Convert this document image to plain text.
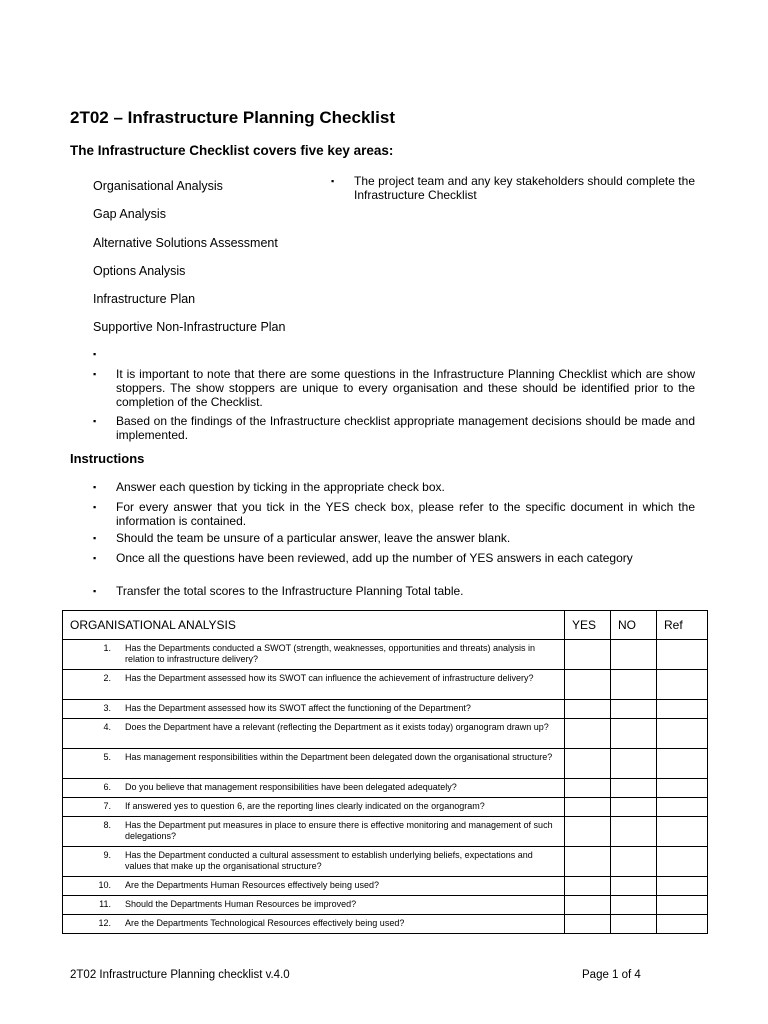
2T02 – Infrastructure Planning Checklist
The Infrastructure Checklist covers five key areas:
Organisational Analysis
Gap Analysis
Alternative Solutions Assessment
Options Analysis
Infrastructure Plan
Supportive Non-Infrastructure Plan
▪ The project team and any key stakeholders should complete the Infrastructure Checklist
▪
▪ It is important to note that there are some questions in the Infrastructure Planning Checklist which are show stoppers. The show stoppers are unique to every organisation and these should be identified prior to the completion of the Checklist.
▪ Based on the findings of the Infrastructure checklist appropriate management decisions should be made and implemented.
Instructions
▪ Answer each question by ticking in the appropriate check box.
▪ For every answer that you tick in the YES check box, please refer to the specific document in which the information is contained.
▪ Should the team be unsure of a particular answer, leave the answer blank.
▪ Once all the questions have been reviewed, add up the number of YES answers in each category
▪ Transfer the total scores to the Infrastructure Planning Total table.
ORGANISATIONAL ANALYSIS		YES	NO	Ref
1.	Has the Departments conducted a SWOT (strength, weaknesses, opportunities and threats) analysis in relation to infrastructure delivery?			
2.	Has the Department assessed how its SWOT can influence the achievement of infrastructure delivery?			
3.	Has the Department assessed how its SWOT affect the functioning of the Department?			
4.	Does the Department have a relevant (reflecting the Department as it exists today) organogram drawn up?			
5.	Has management responsibilities within the Department been delegated down the organisational structure?			
6.	Do you believe that management responsibilities have been delegated adequately?			
7.	If answered yes to question 6, are the reporting lines clearly indicated on the organogram?			
8.	Has the Department put measures in place to ensure there is effective monitoring and management of such delegations?			
9.	Has the Department conducted a cultural assessment to establish underlying beliefs, expectations and values that make up the organisational structure?			
10.	Are the Departments Human Resources effectively being used?			
11.	Should the Departments Human Resources be improved?			
12.	Are the Departments Technological Resources effectively being used?			
2T02 Infrastructure Planning checklist v.4.0	Page 1 of 4
